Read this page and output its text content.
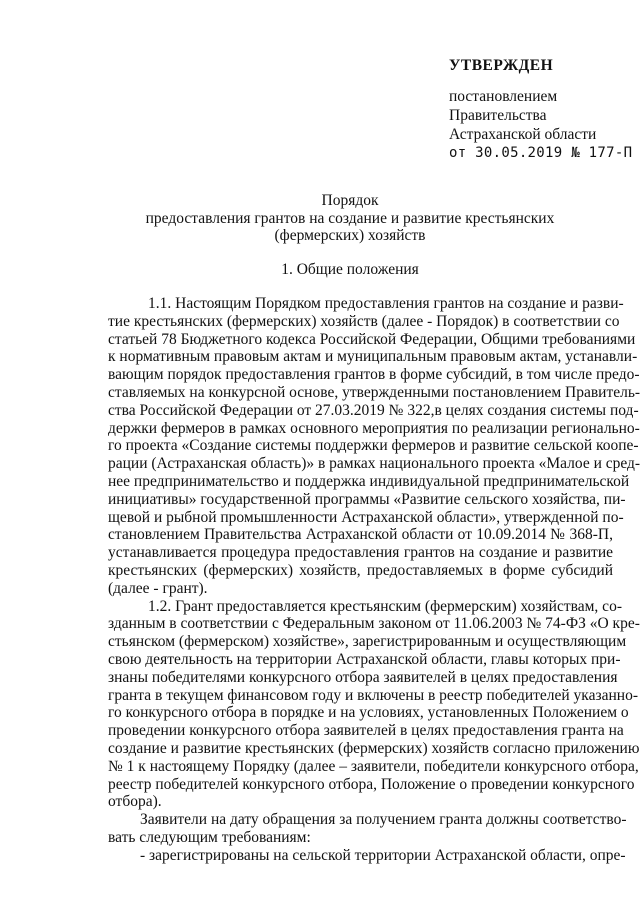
УТВЕРЖДЕН
постановлением
Правительства
Астраханской области
от 30.05.2019 № 177-П
Порядок
предоставления грантов на создание и развитие крестьянских
(фермерских) хозяйств
1. Общие положения
1.1. Настоящим Порядком предоставления грантов на создание и разви-
тие крестьянских (фермерских) хозяйств (далее - Порядок) в соответствии со
статьей 78 Бюджетного кодекса Российской Федерации, Общими требованиями
к нормативным правовым актам и муниципальным правовым актам, устанавли-
вающим порядок предоставления грантов в форме субсидий, в том числе предо-
ставляемых на конкурсной основе, утвержденными постановлением Правитель-
ства Российской Федерации от 27.03.2019 № 322,в целях создания системы под-
держки фермеров в рамках основного мероприятия по реализации регионально-
го проекта «Создание системы поддержки фермеров и развитие сельской коопе-
рации (Астраханская область)» в рамках национального проекта «Малое и сред-
нее предпринимательство и поддержка индивидуальной предпринимательской
инициативы» государственной программы «Развитие сельского хозяйства, пи-
щевой и рыбной промышленности Астраханской области», утвержденной по-
становлением Правительства Астраханской области от 10.09.2014 № 368-П,
устанавливается процедура предоставления грантов на создание и развитие
крестьянских (фермерских) хозяйств, предоставляемых в форме субсидий
(далее - грант).
1.2. Грант предоставляется крестьянским (фермерским) хозяйствам, со-
зданным в соответствии с Федеральным законом от 11.06.2003 № 74-ФЗ «О кре-
стьянском (фермерском) хозяйстве», зарегистрированным и осуществляющим
свою деятельность на территории Астраханской области, главы которых при-
знаны победителями конкурсного отбора заявителей в целях предоставления
гранта в текущем финансовом году и включены в реестр победителей указанно-
го конкурсного отбора в порядке и на условиях, установленных Положением о
проведении конкурсного отбора заявителей в целях предоставления гранта на
создание и развитие крестьянских (фермерских) хозяйств согласно приложению
№ 1 к настоящему Порядку (далее – заявители, победители конкурсного отбора,
реестр победителей конкурсного отбора, Положение о проведении конкурсного
отбора).
Заявители на дату обращения за получением гранта должны соответство-
вать следующим требованиям:
- зарегистрированы на сельской территории Астраханской области, опре-
